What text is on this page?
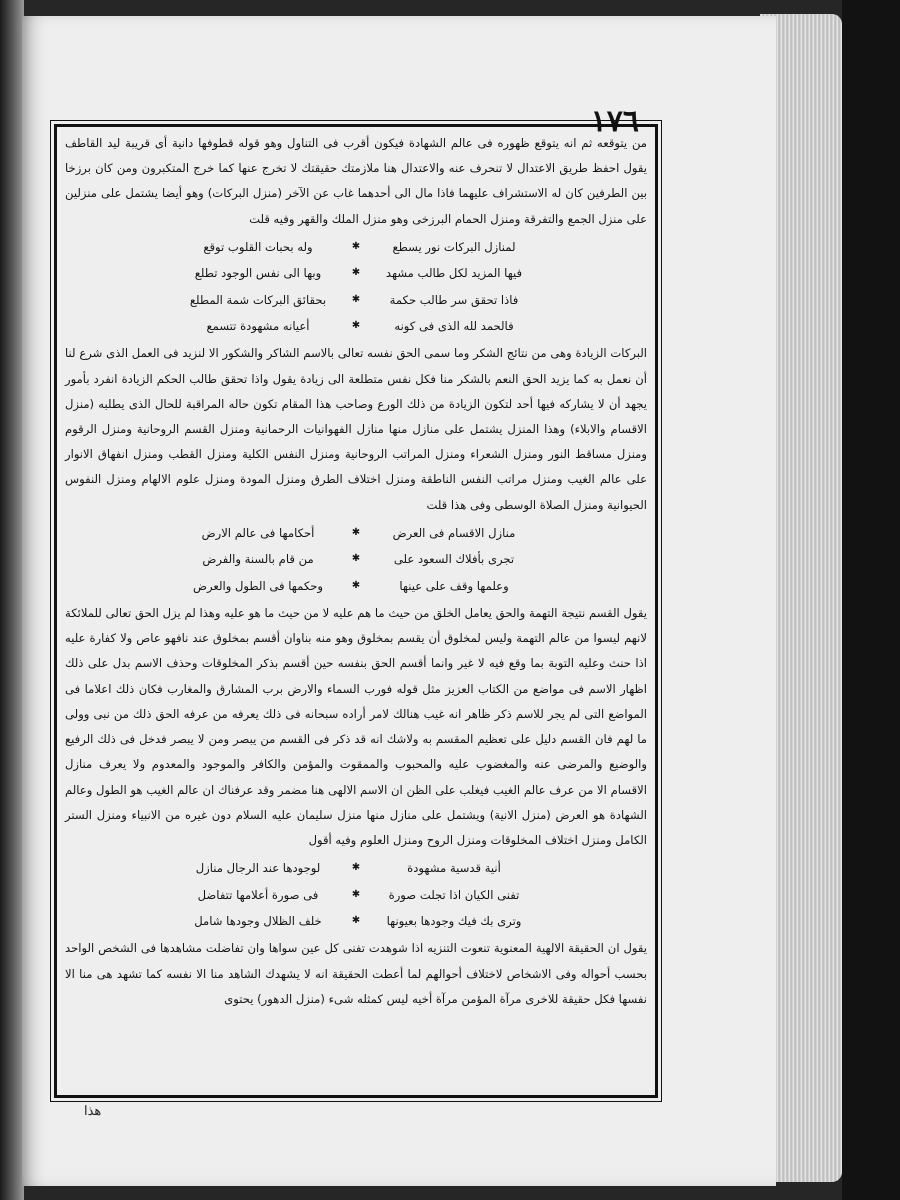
١٧٦

من يتوقعه ثم انه يتوقع ظهوره فى عالم الشهادة فيكون أقرب فى التناول وهو قوله قطوفها دانية أى قريبة ليد القاطف يقول احفظ طريق الاعتدال لا تنحرف عنه والاعتدال هنا ملازمتك حقيقتك لا تخرج عنها كما خرج المتكبرون ومن كان برزخا بين الطرفين كان له الاستشراف عليهما فاذا مال الى أحدهما غاب عن الآخر (منزل البركات) وهو أيضا يشتمل على منزلين على منزل الجمع والتفرقة ومنزل الحمام البرزخى وهو منزل الملك والقهر وفيه قلت

لمنازل البركات نور يسطع
✱
وله بحبات القلوب توقع
فيها المزيد لكل طالب مشهد
✱
وبها الى نفس الوجود تطلع
فاذا تحقق سر طالب حكمة
✱
بحقائق البركات شمة المطلع
فالحمد لله الذى فى كونه
✱
أعيانه مشهودة تتسمع

البركات الزيادة وهى من نتائج الشكر وما سمى الحق نفسه تعالى بالاسم الشاكر والشكور الا لنزيد فى العمل الذى شرع لنا أن نعمل به كما يزيد الحق النعم بالشكر منا فكل نفس متطلعة الى زيادة يقول واذا تحقق طالب الحكم الزيادة انفرد بأمور يجهد أن لا يشاركه فيها أحد لتكون الزيادة من ذلك الورع وصاحب هذا المقام تكون حاله المراقبة للحال الذى يطلبه (منزل الاقسام والابلاء) وهذا المنزل يشتمل على منازل منها منازل الفهوانيات الرحمانية ومنزل القسم الروحانية ومنزل الرقوم ومنزل مساقط النور ومنزل الشعراء ومنزل المراتب الروحانية ومنزل النفس الكلية ومنزل القطب ومنزل انفهاق الانوار على عالم الغيب ومنزل مراتب النفس الناطقة ومنزل اختلاف الطرق ومنزل المودة ومنزل علوم الالهام ومنزل النفوس الحيوانية ومنزل الصلاة الوسطى وفى هذا قلت

منازل الاقسام فى العرض
✱
أحكامها فى عالم الارض
تجرى بأفلاك السعود على
✱
من قام بالسنة والفرض
وعلمها وقف على عينها
✱
وحكمها فى الطول والعرض

يقول القسم نتيجة التهمة والحق يعامل الخلق من حيث ما هم عليه لا من حيث ما هو عليه وهذا لم يزل الحق تعالى للملائكة لانهم ليسوا من عالم التهمة وليس لمخلوق أن يقسم بمخلوق وهو منه بناوان أقسم بمخلوق عند نافهو عاص ولا كفارة عليه اذا حنث وعليه التوبة بما وقع فيه لا غير وانما أقسم الحق بنفسه حين أقسم بذكر المخلوقات وحذف الاسم بدل على ذلك اظهار الاسم فى مواضع من الكتاب العزيز مثل قوله فورب السماء والارض برب المشارق والمغارب فكان ذلك اعلاما فى المواضع التى لم يجر للاسم ذكر ظاهر انه غيب هنالك لامر أراده سبحانه فى ذلك يعرفه من عرفه الحق ذلك من نبى وولى ما لهم فان القسم دليل على تعظيم المقسم به ولاشك انه قد ذكر فى القسم من يبصر ومن لا يبصر فدخل فى ذلك الرفيع والوضيع والمرضى عنه والمغضوب عليه والمحبوب والممقوت والمؤمن والكافر والموجود والمعدوم ولا يعرف منازل الاقسام الا من عرف عالم الغيب فيغلب على الظن ان الاسم الالهى هنا مضمر وقد عرفناك ان عالم الغيب هو الطول وعالم الشهادة هو العرض (منزل الانية) ويشتمل على منازل منها منزل سليمان عليه السلام دون غيره من الانبياء ومنزل الستر الكامل ومنزل اختلاف المخلوقات ومنزل الروح ومنزل العلوم وفيه أقول

أنية قدسية مشهودة
✱
لوجودها عند الرجال منازل
تفنى الكيان اذا تجلت صورة
✱
فى صورة أعلامها تتفاضل
وترى بك فيك وجودها بعيونها
✱
خلف الظلال وجودها شامل

يقول ان الحقيقة الالهية المعنوية تنعوت التنزيه اذا شوهدت تفنى كل عين سواها وان تفاضلت مشاهدها فى الشخص الواحد بحسب أحواله وفى الاشخاص لاختلاف أحوالهم لما أعطت الحقيقة انه لا يشهدك الشاهد منا الا نفسه كما تشهد هى منا الا نفسها فكل حقيقة للاخرى مرآة المؤمن مرآة أخيه ليس كمثله شىء (منزل الدهور) يحتوى

هذا
